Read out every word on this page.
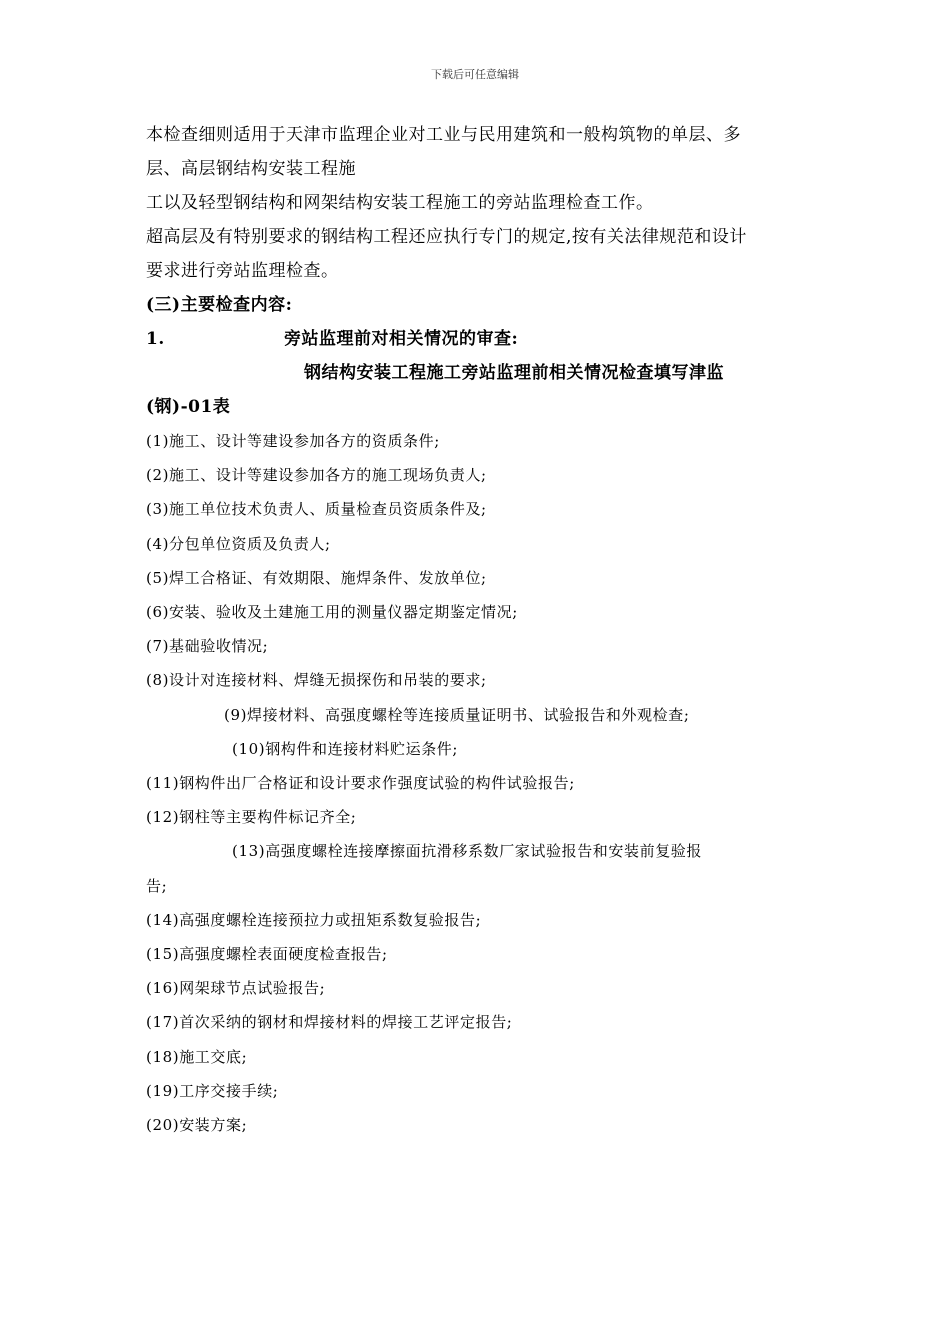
下载后可任意编辑
本检查细则适用于天津市监理企业对工业与民用建筑和一般构筑物的单层、多
层、高层钢结构安装工程施
工以及轻型钢结构和网架结构安装工程施工的旁站监理检查工作。
超高层及有特别要求的钢结构工程还应执行专门的规定,按有关法律规范和设计
要求进行旁站监理检查。
(三)主要检查内容:
1.	旁站监理前对相关情况的审查:
钢结构安装工程施工旁站监理前相关情况检查填写津监
(钢)-01表
(1)施工、设计等建设参加各方的资质条件;
(2)施工、设计等建设参加各方的施工现场负责人;
(3)施工单位技术负责人、质量检查员资质条件及;
(4)分包单位资质及负责人;
(5)焊工合格证、有效期限、施焊条件、发放单位;
(6)安装、验收及土建施工用的测量仪器定期鉴定情况;
(7)基础验收情况;
(8)设计对连接材料、焊缝无损探伤和吊装的要求;
(9)焊接材料、高强度螺栓等连接质量证明书、试验报告和外观检查;
(10)钢构件和连接材料贮运条件;
(11)钢构件出厂合格证和设计要求作强度试验的构件试验报告;
(12)钢柱等主要构件标记齐全;
(13)高强度螺栓连接摩擦面抗滑移系数厂家试验报告和安装前复验报
告;
(14)高强度螺栓连接预拉力或扭矩系数复验报告;
(15)高强度螺栓表面硬度检查报告;
(16)网架球节点试验报告;
(17)首次采纳的钢材和焊接材料的焊接工艺评定报告;
(18)施工交底;
(19)工序交接手续;
(20)安装方案;
